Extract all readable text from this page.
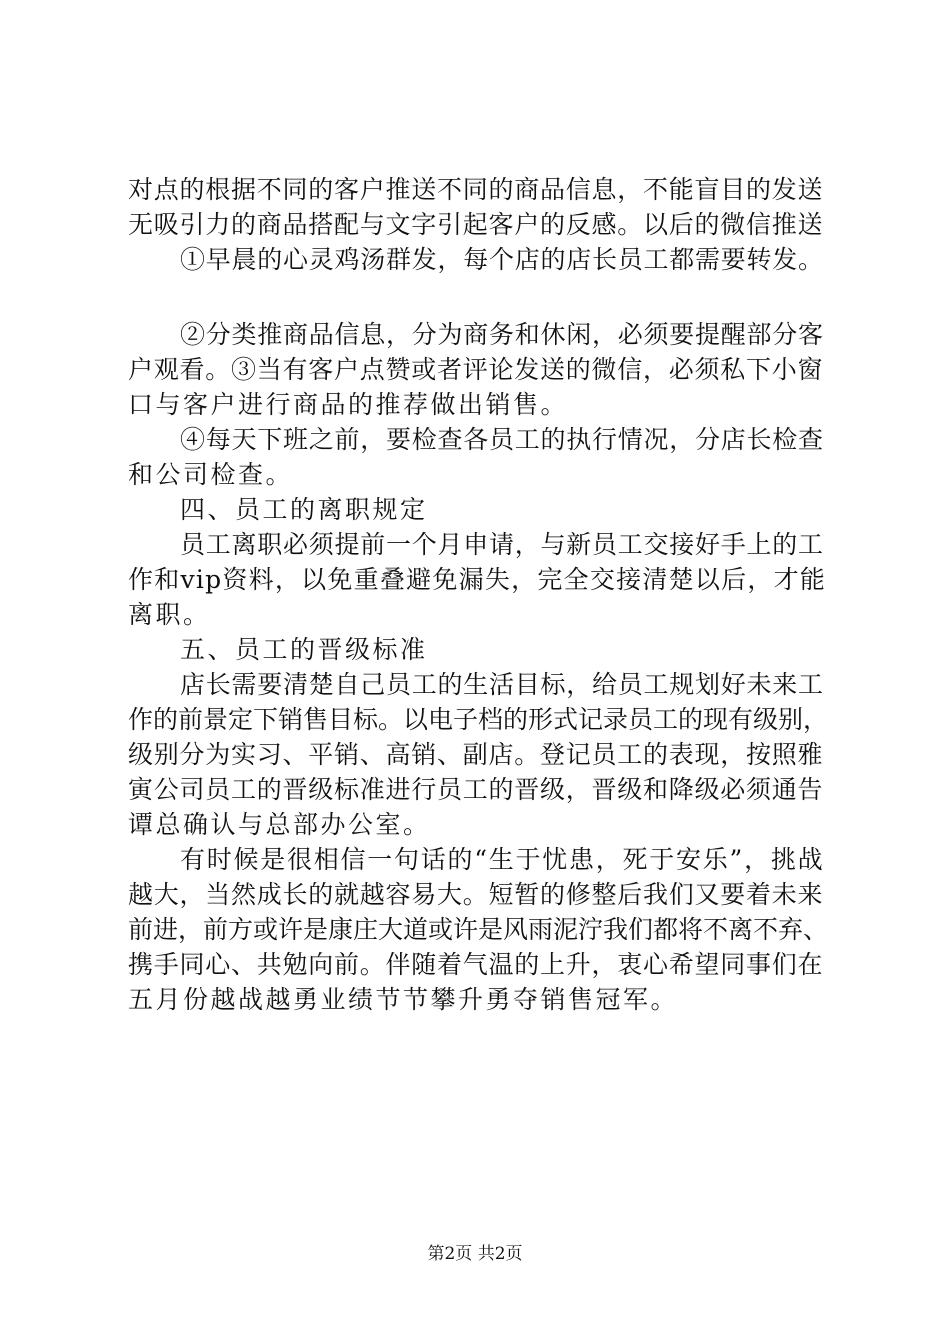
对点的根据不同的客户推送不同的商品信息，不能盲目的发送
无吸引力的商品搭配与文字引起客户的反感。以后的微信推送
①早晨的心灵鸡汤群发，每个店的店长员工都需要转发。
②分类推商品信息，分为商务和休闲，必须要提醒部分客
户观看。③当有客户点赞或者评论发送的微信，必须私下小窗
口与客户进行商品的推荐做出销售。
④每天下班之前，要检查各员工的执行情况，分店长检查
和公司检查。
四、员工的离职规定
员工离职必须提前一个月申请，与新员工交接好手上的工
作和vip资料，以免重叠避免漏失，完全交接清楚以后，才能
离职。
五、员工的晋级标准
店长需要清楚自己员工的生活目标，给员工规划好未来工
作的前景定下销售目标。以电子档的形式记录员工的现有级别，
级别分为实习、平销、高销、副店。登记员工的表现，按照雅
寅公司员工的晋级标准进行员工的晋级，晋级和降级必须通告
谭总确认与总部办公室。
有时候是很相信一句话的“生于忧患，死于安乐”，挑战
越大，当然成长的就越容易大。短暂的修整后我们又要着未来
前进，前方或许是康庄大道或许是风雨泥泞我们都将不离不弃、
携手同心、共勉向前。伴随着气温的上升，衷心希望同事们在
五月份越战越勇业绩节节攀升勇夺销售冠军。
第2页 共2页
